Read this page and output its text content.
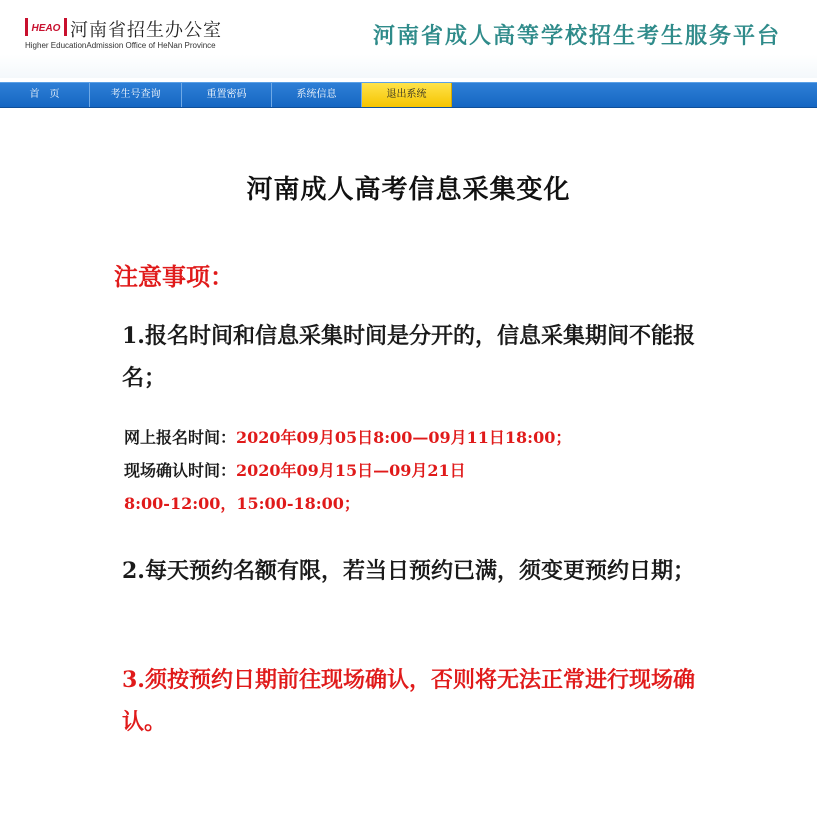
HEAO 河南省招生办公室
Higher EducationAdmission Office of HeNan Province	河南省成人高等学校招生考生服务平台
首　页	考生号查询	重置密码	系统信息	退出系统
河南成人高考信息采集变化
注意事项：
1.报名时间和信息采集时间是分开的，信息采集期间不能报名；
网上报名时间：2020年09月05日8:00—09月11日18:00；
现场确认时间：2020年09月15日—09月21日
8:00-12:00，15:00-18:00；
2.每天预约名额有限，若当日预约已满，须变更预约日期；
3.须按预约日期前往现场确认，否则将无法正常进行现场确认。
